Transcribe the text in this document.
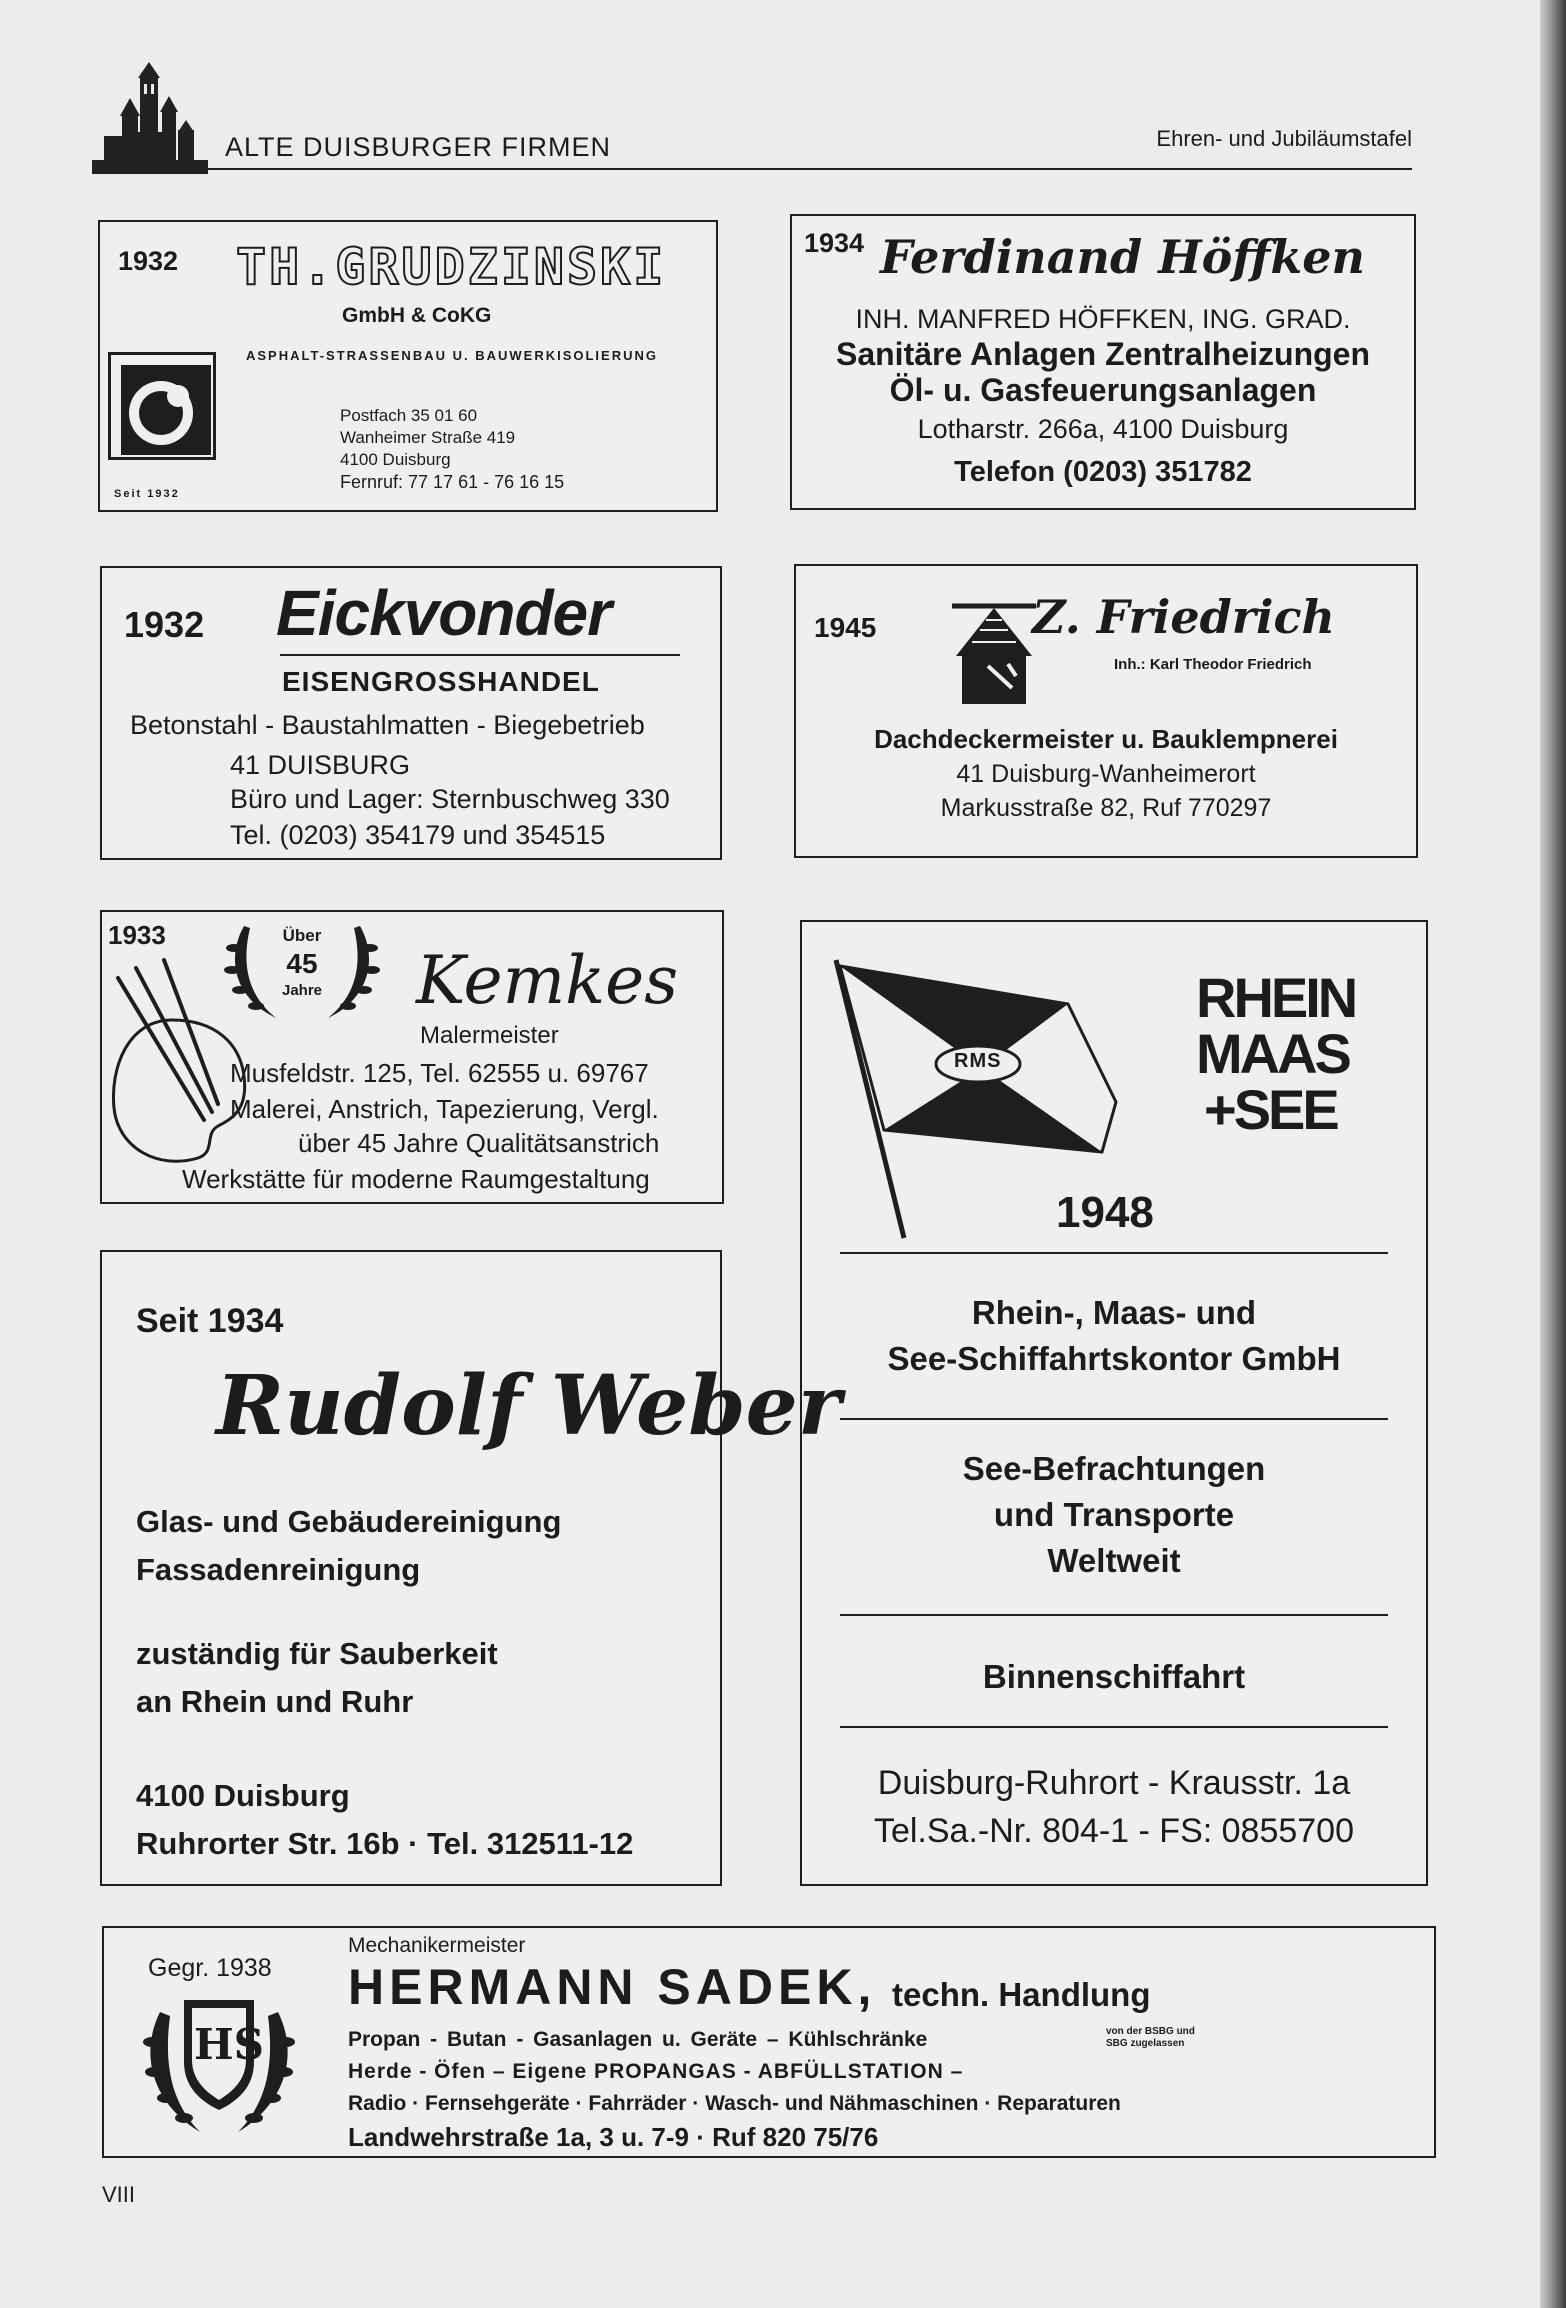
ALTE DUISBURGER FIRMEN	Ehren- und Jubiläumstafel
1932 TH.GRUDZINSKI
GmbH & CoKG
ASPHALT-STRASSENBAU U. BAUWERKISOLIERUNG
Seit 1932
Postfach 35 01 60
Wanheimer Straße 419
4100 Duisburg
Fernruf: 77 17 61 - 76 16 15
1934 Ferdinand Höffken
INH. MANFRED HÖFFKEN, ING. GRAD.
Sanitäre Anlagen Zentralheizungen
Öl- u. Gasfeuerungsanlagen
Lotharstr. 266a, 4100 Duisburg
Telefon (0203) 351782
1932 Eickvonder
EISENGROSSHANDEL
Betonstahl - Baustahlmatten - Biegebetrieb
41 DUISBURG
Büro und Lager: Sternbuschweg 330
Tel. (0203) 354179 und 354515
1945	Z. Friedrich
Inh.: Karl Theodor Friedrich
Dachdeckermeister u. Bauklempnerei
41 Duisburg-Wanheimerort
Markusstraße 82, Ruf 770297
1933	Über
45
Jahre Kemkes
Malermeister
Musfeldstr. 125, Tel. 62555 u. 69767
Malerei, Anstrich, Tapezierung, Vergl.
über 45 Jahre Qualitätsanstrich
Werkstätte für moderne Raumgestaltung
RMS
RHEIN
MAAS
+SEE
1948
Rhein-, Maas- und
See-Schiffahrtskontor GmbH
See-Befrachtungen
und Transporte
Weltweit
Binnenschiffahrt
Duisburg-Ruhrort - Krausstr. 1a
Tel.Sa.-Nr. 804-1 - FS: 0855700
Seit 1934
Rudolf Weber
Glas- und Gebäudereinigung
Fassadenreinigung
zuständig für Sauberkeit
an Rhein und Ruhr
4100 Duisburg
Ruhrorter Str. 16b · Tel. 312511-12
Gegr. 1938
HS
Mechanikermeister
HERMANN SADEK, techn. Handlung
Propan - Butan - Gasanlagen u. Geräte – Kühlschränke	von der BSBG und
SBG zugelassen
Herde - Öfen – Eigene PROPANGAS - ABFÜLLSTATION –
Radio · Fernsehgeräte · Fahrräder · Wasch- und Nähmaschinen · Reparaturen
Landwehrstraße 1a, 3 u. 7-9 · Ruf 820 75/76
VIII
